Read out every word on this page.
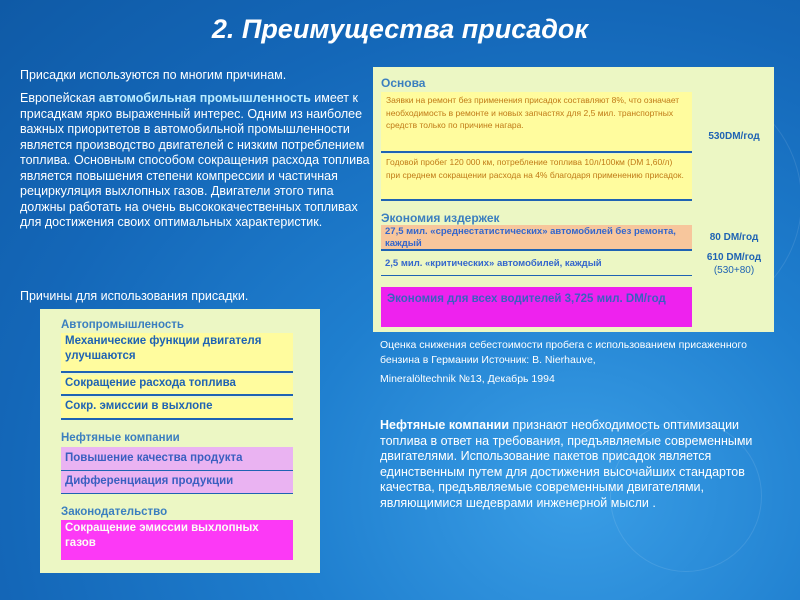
2. Преимущества присадок

Присадки используются по многим причинам.

Европейская автомобильная промышленность имеет к присадкам ярко выраженный интерес. Одним из наиболее важных приоритетов в автомобильной промышленности является производство двигателей с низким потреблением топлива. Основным способом сокращения расхода топлива является повышения степени компрессии и частичная рециркуляция выхлопных газов. Двигатели этого типа должны работать на очень высококачественных топливах для достижения своих оптимальных характеристик.

Причины для использования присадки.

Автопромышленость
Механические функции двигателя улучшаются
Сокращение расхода топлива
Сокр. эмиссии в выхлопе
Нефтяные компании
Повышение качества продукта
Дифференциация продукции
Законодательство
Сокращение эмиссии выхлопных газов
Основа
Заявки на ремонт без применения присадок составляют 8%, что означает необходимость в ремонте и новых запчастях для 2,5 мил. транспортных средств только по причине нагара.
Годовой пробег 120 000 км, потребление топлива 10л/100км (DM 1,60/л) при среднем сокращении расхода на 4% благодаря применению присадок.
530DM/год
Экономия издержек
27,5 мил. «среднестатистических» автомобилей без ремонта, каждый
2,5 мил. «критических» автомобилей, каждый
80 DM/год
610 DM/год
(530+80)
Экономия для всех водителей 3,725 мил. DM/год
Оценка снижения себестоимости пробега с использованием присаженного бензина в Германии Источник: B. Nierhauve,
Mineralöltechnik №13, Декабрь 1994

Нефтяные компании признают необходимость оптимизации топлива в ответ на требования, предъявляемые современными двигателями. Использование пакетов присадок является единственным путем для достижения высочайших стандартов качества, предъявляемые современными двигателями, являющимися шедеврами инженерной мысли .
